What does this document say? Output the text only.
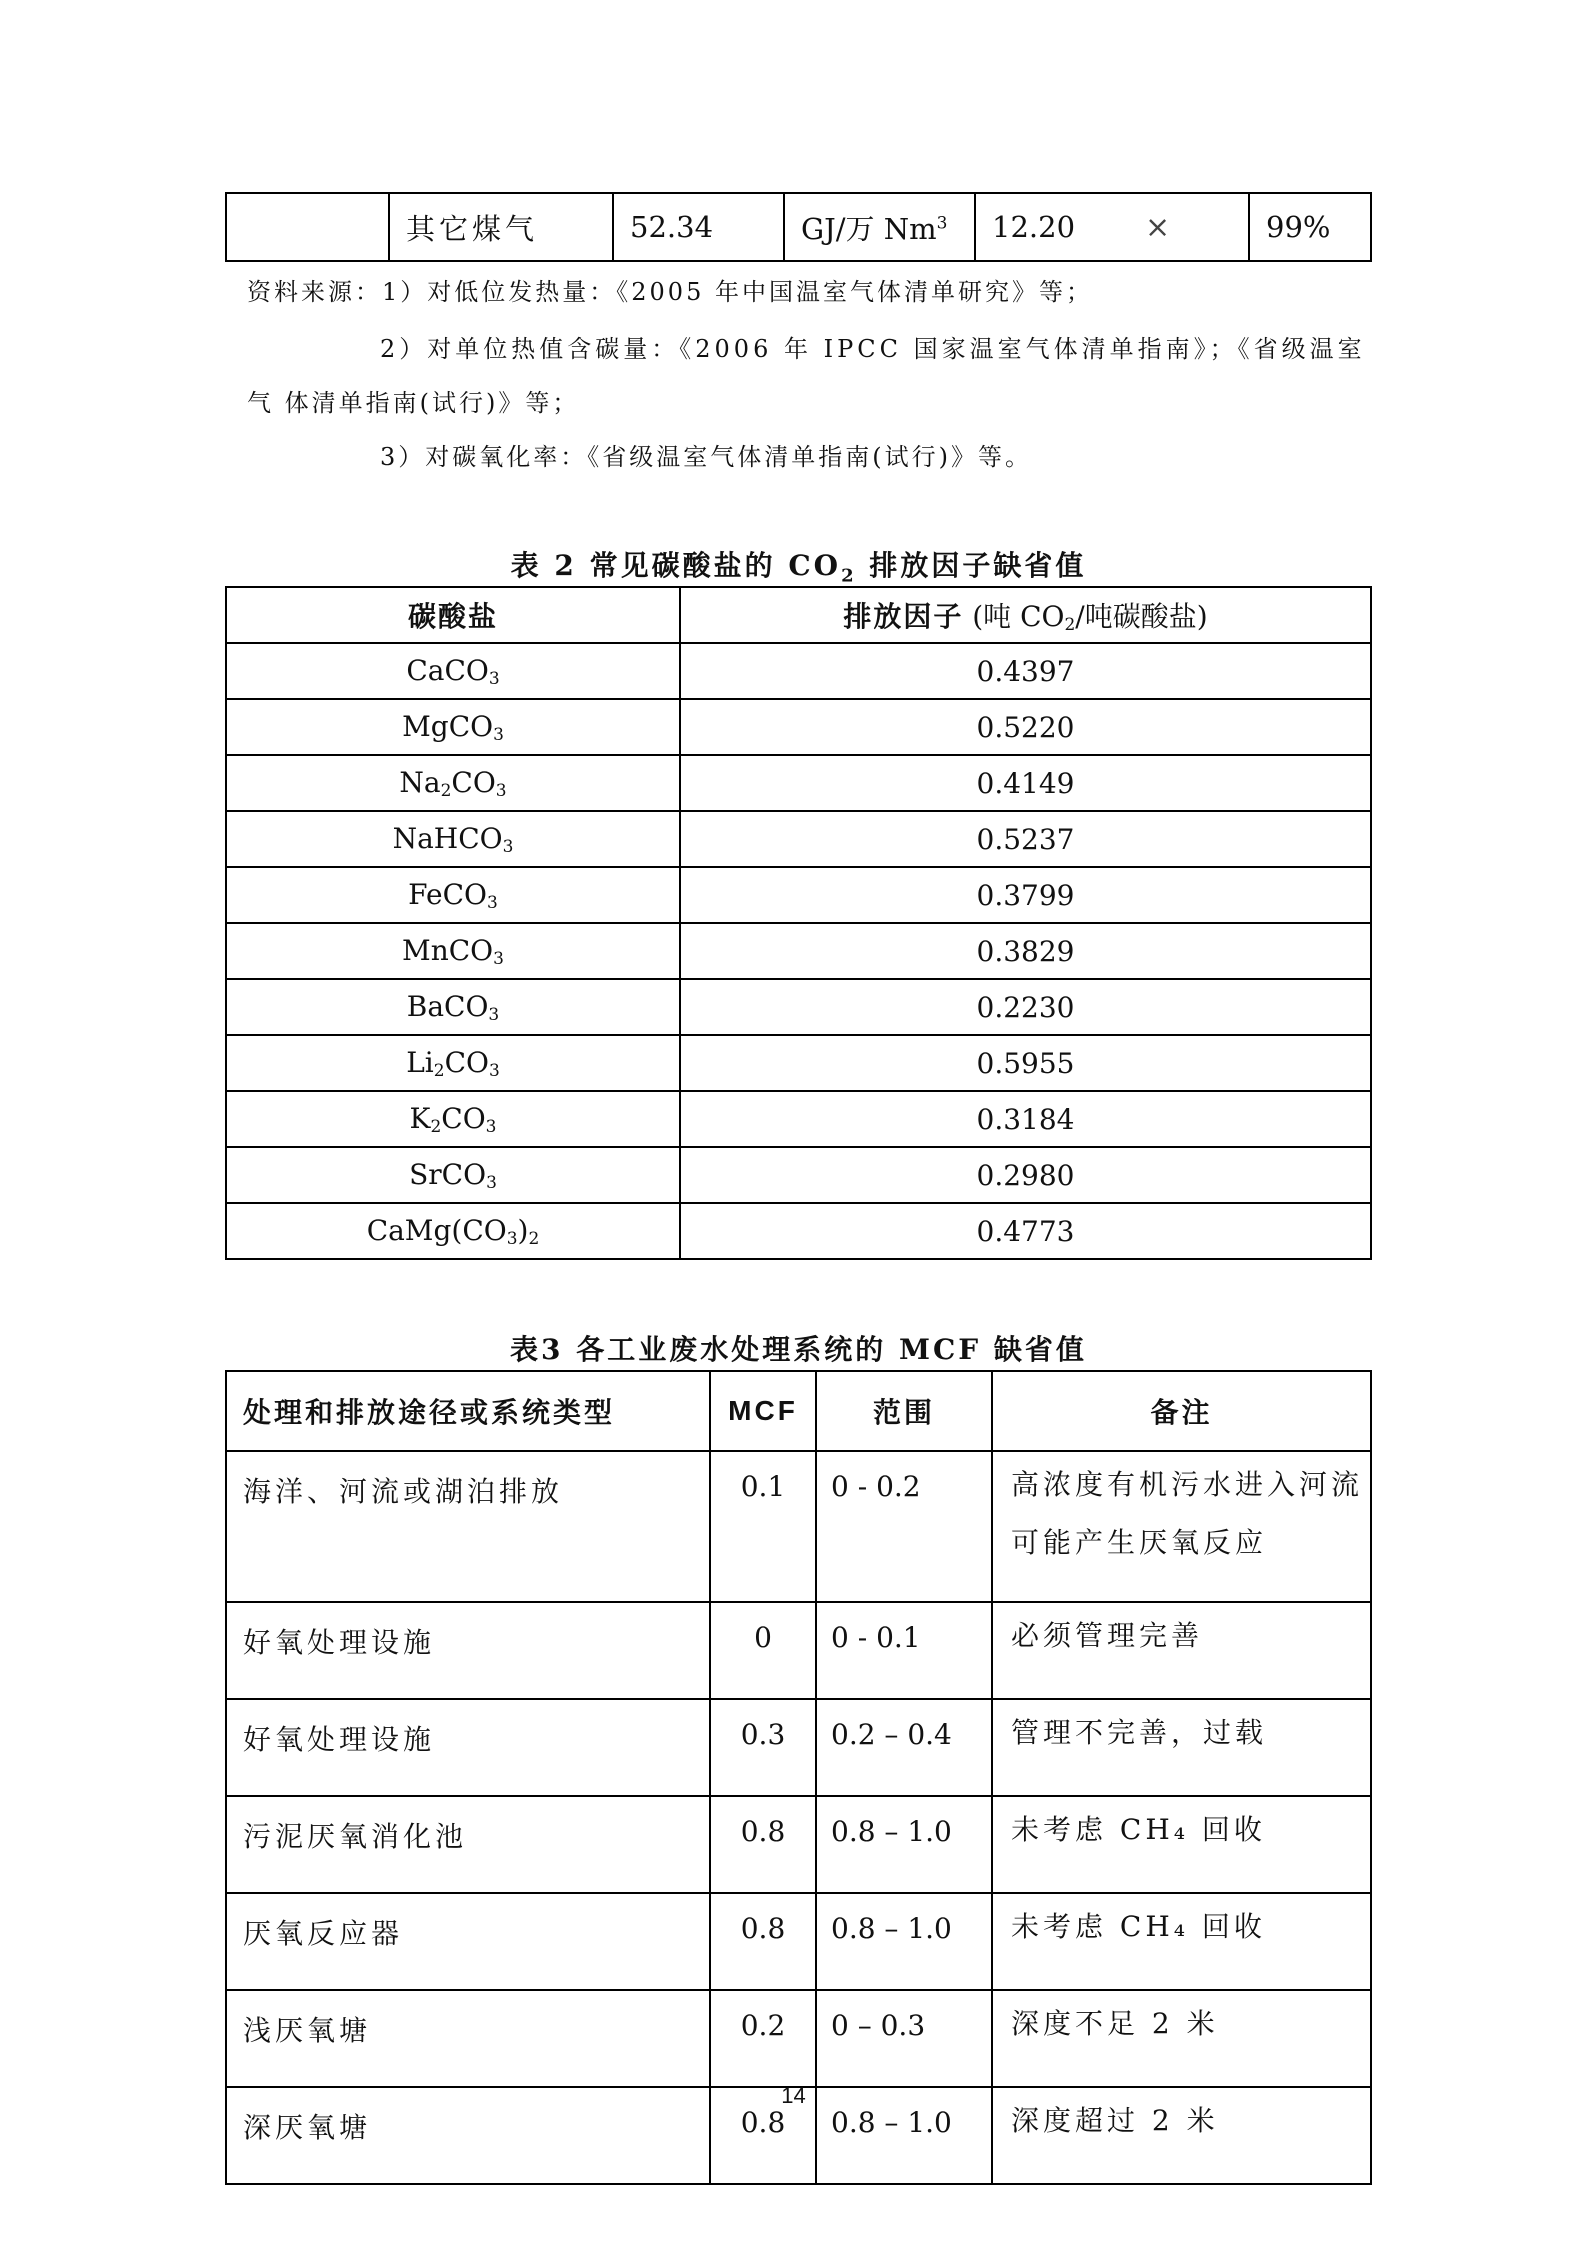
	其它煤气	52.34	GJ/万 Nm$^3$	12.20 ×	99%
资料来源：1）对低位发热量：《2005 年中国温室气体清单研究》等；
2）对单位热值含碳量：《2006 年 IPCC 国家温室气体清单指南》；《省级温室
气 体清单指南(试行)》等；
3）对碳氧化率：《省级温室气体清单指南(试行)》等。
表 2 常见碳酸盐的 $CO_2$ 排放因子缺省值
碳酸盐	排放因子 (吨 $CO_2/$吨碳酸盐)
CaCO$_3$	0.4397
MgCO$_3$	0.5220
$Na_2CO_3$	0.4149
NaHCO$_3$	0.5237
FeCO$_3$	0.3799
MnCO$_3$	0.3829
BaCO$_3$	0.2230
$Li_2CO_3$	0.5955
$K_2CO_3$	0.3184
SrCO$_3$	0.2980
$CaMg(CO_3)_2$	0.4773
表3 各工业废水处理系统的 MCF 缺省值
处理和排放途径或系统类型	MCF	范围	备注
海洋、河流或湖泊排放	0.1	0 - 0.2	高浓度有机污水进入河流 可能产生厌氧反应
好氧处理设施	0	0 - 0.1	必须管理完善
好氧处理设施	0.3	0.2 – 0.4	管理不完善，过载
污泥厌氧消化池	0.8	0.8 – 1.0	未考虑 CH₄ 回收
厌氧反应器	0.8	0.8 – 1.0	未考虑 CH₄ 回收
浅厌氧塘	0.2	0 – 0.3	深度不足 2 米
深厌氧塘	0.8	0.8 – 1.0	深度超过 2 米
14
